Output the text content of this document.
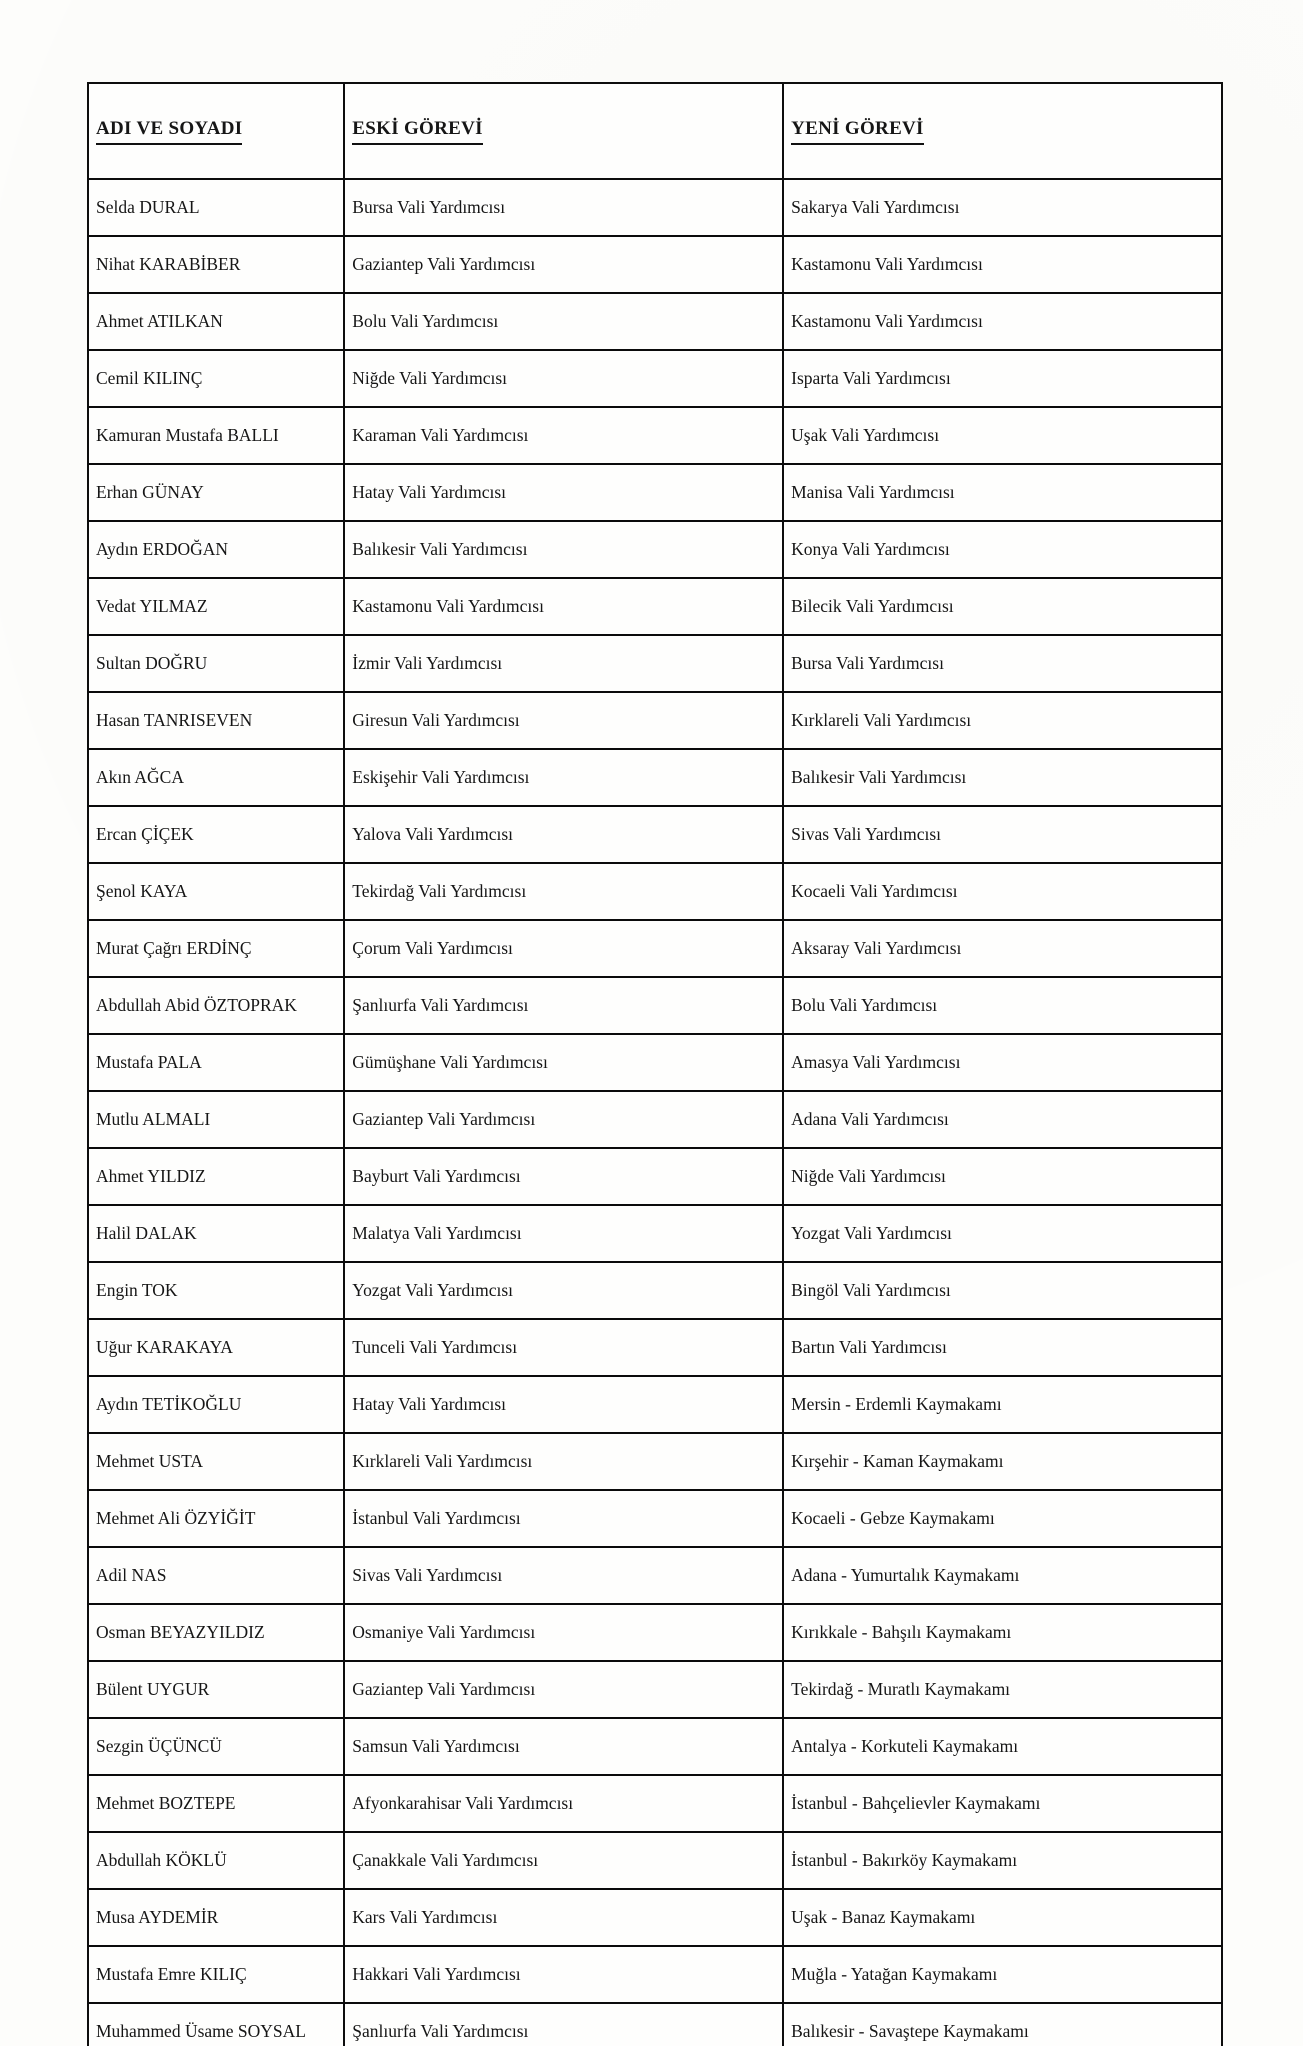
ADI VE SOYADI	ESKİ GÖREVİ	YENİ GÖREVİ
Selda DURAL	Bursa Vali Yardımcısı	Sakarya Vali Yardımcısı
Nihat KARABİBER	Gaziantep Vali Yardımcısı	Kastamonu Vali Yardımcısı
Ahmet ATILKAN	Bolu Vali Yardımcısı	Kastamonu Vali Yardımcısı
Cemil KILINÇ	Niğde Vali Yardımcısı	Isparta Vali Yardımcısı
Kamuran Mustafa BALLI	Karaman Vali Yardımcısı	Uşak Vali Yardımcısı
Erhan GÜNAY	Hatay Vali Yardımcısı	Manisa Vali Yardımcısı
Aydın ERDOĞAN	Balıkesir Vali Yardımcısı	Konya Vali Yardımcısı
Vedat YILMAZ	Kastamonu Vali Yardımcısı	Bilecik Vali Yardımcısı
Sultan DOĞRU	İzmir Vali Yardımcısı	Bursa Vali Yardımcısı
Hasan TANRISEVEN	Giresun Vali Yardımcısı	Kırklareli Vali Yardımcısı
Akın AĞCA	Eskişehir Vali Yardımcısı	Balıkesir Vali Yardımcısı
Ercan ÇİÇEK	Yalova Vali Yardımcısı	Sivas Vali Yardımcısı
Şenol KAYA	Tekirdağ Vali Yardımcısı	Kocaeli Vali Yardımcısı
Murat Çağrı ERDİNÇ	Çorum Vali Yardımcısı	Aksaray Vali Yardımcısı
Abdullah Abid ÖZTOPRAK	Şanlıurfa Vali Yardımcısı	Bolu Vali Yardımcısı
Mustafa PALA	Gümüşhane Vali Yardımcısı	Amasya Vali Yardımcısı
Mutlu ALMALI	Gaziantep Vali Yardımcısı	Adana Vali Yardımcısı
Ahmet YILDIZ	Bayburt Vali Yardımcısı	Niğde Vali Yardımcısı
Halil DALAK	Malatya Vali Yardımcısı	Yozgat Vali Yardımcısı
Engin TOK	Yozgat Vali Yardımcısı	Bingöl Vali Yardımcısı
Uğur KARAKAYA	Tunceli Vali Yardımcısı	Bartın Vali Yardımcısı
Aydın TETİKOĞLU	Hatay Vali Yardımcısı	Mersin - Erdemli Kaymakamı
Mehmet USTA	Kırklareli Vali Yardımcısı	Kırşehir - Kaman Kaymakamı
Mehmet Ali ÖZYİĞİT	İstanbul Vali Yardımcısı	Kocaeli - Gebze Kaymakamı
Adil NAS	Sivas Vali Yardımcısı	Adana - Yumurtalık Kaymakamı
Osman BEYAZYILDIZ	Osmaniye Vali Yardımcısı	Kırıkkale - Bahşılı Kaymakamı
Bülent UYGUR	Gaziantep Vali Yardımcısı	Tekirdağ - Muratlı Kaymakamı
Sezgin ÜÇÜNCÜ	Samsun Vali Yardımcısı	Antalya - Korkuteli Kaymakamı
Mehmet BOZTEPE	Afyonkarahisar Vali Yardımcısı	İstanbul - Bahçelievler Kaymakamı
Abdullah KÖKLÜ	Çanakkale Vali Yardımcısı	İstanbul - Bakırköy Kaymakamı
Musa AYDEMİR	Kars Vali Yardımcısı	Uşak - Banaz Kaymakamı
Mustafa Emre KILIÇ	Hakkari Vali Yardımcısı	Muğla - Yatağan Kaymakamı
Muhammed Üsame SOYSAL	Şanlıurfa Vali Yardımcısı	Balıkesir - Savaştepe Kaymakamı
